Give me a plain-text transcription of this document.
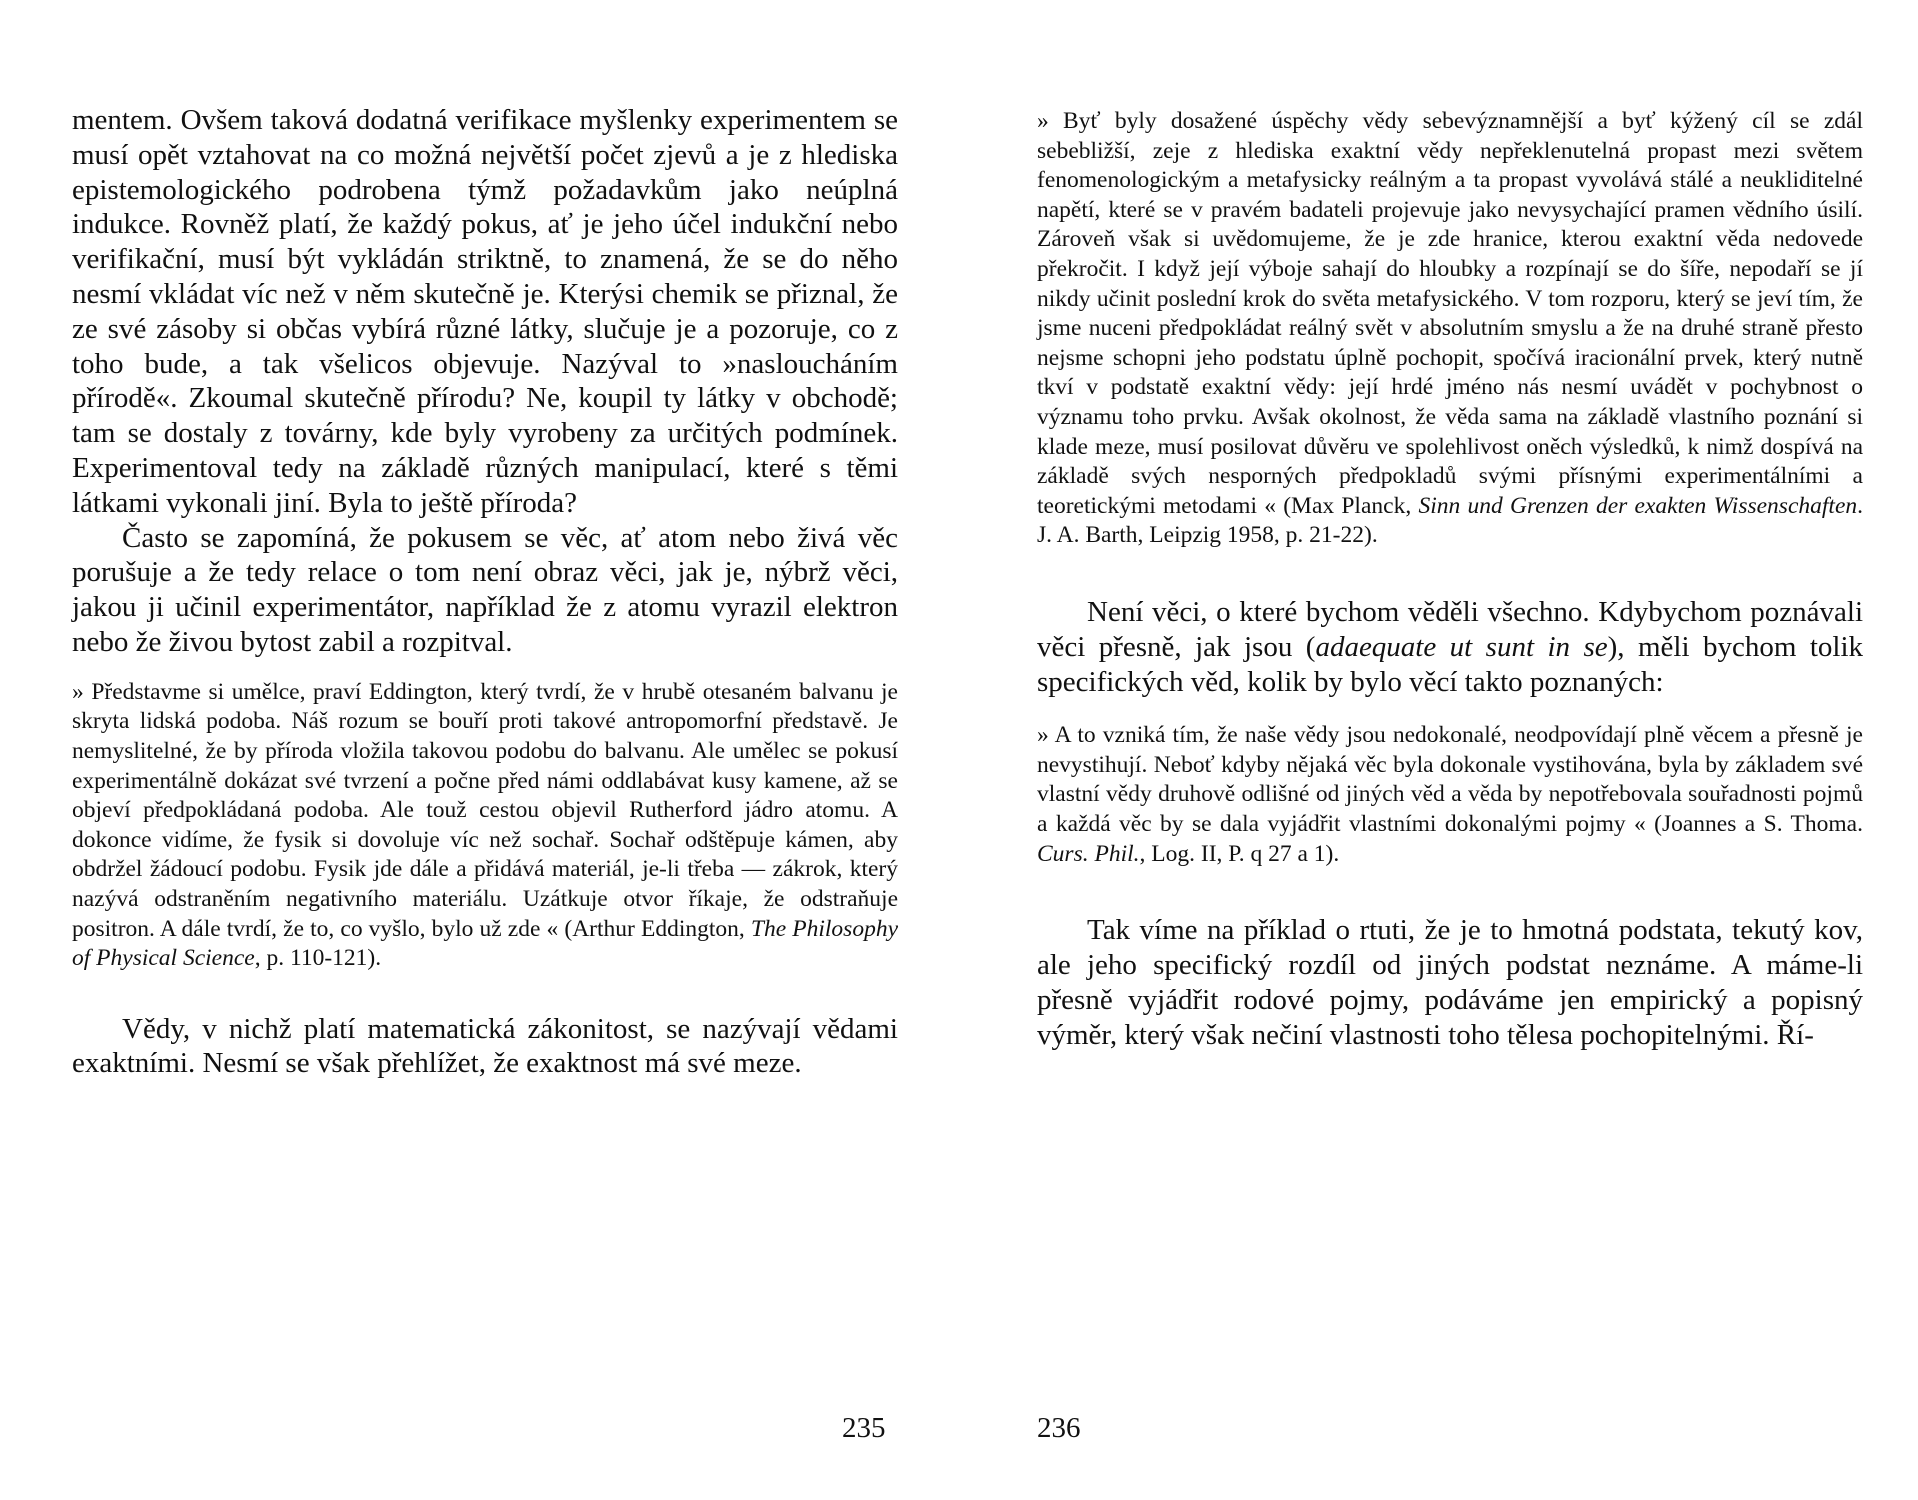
mentem. Ovšem taková dodatná verifikace myšlenky experimentem se musí opět vztahovat na co možná největší počet zjevů a je z hlediska epistemologického podrobena týmž požadavkům jako neúplná indukce. Rovněž platí, že každý pokus, ať je jeho účel indukční nebo verifikační, musí být vykládán striktně, to znamená, že se do něho nesmí vkládat víc než v něm skutečně je. Kterýsi chemik se přiznal, že ze své zásoby si občas vybírá různé látky, slučuje je a pozoruje, co z toho bude, a tak všelicos objevuje. Nazýval to »nasloucháním přírodě«. Zkoumal skutečně přírodu? Ne, koupil ty látky v obchodě; tam se dostaly z továrny, kde byly vyrobeny za určitých podmínek. Experimentoval tedy na základě různých manipulací, které s těmi látkami vykonali jiní. Byla to ještě příroda?

Často se zapomíná, že pokusem se věc, ať atom nebo živá věc porušuje a že tedy relace o tom není obraz věci, jak je, nýbrž věci, jakou ji učinil experimentátor, například že z atomu vyrazil elektron nebo že živou bytost zabil a rozpitval.

» Představme si umělce, praví Eddington, který tvrdí, že v hrubě otesaném balvanu je skryta lidská podoba. Náš rozum se bouří proti takové antropomorfní představě. Je nemyslitelné, že by příroda vložila takovou podobu do balvanu. Ale umělec se pokusí experimentálně dokázat své tvrzení a počne před námi oddlabávat kusy kamene, až se objeví předpokládaná podoba. Ale touž cestou objevil Rutherford jádro atomu. A dokonce vidíme, že fysik si dovoluje víc než sochař. Sochař odštěpuje kámen, aby obdržel žádoucí podobu. Fysik jde dále a přidává materiál, je-li třeba — zákrok, který nazývá odstraněním negativního materiálu. Uzátkuje otvor říkaje, že odstraňuje positron. A dále tvrdí, že to, co vyšlo, bylo už zde « (Arthur Eddington, The Philosophy of Physical Science, p. 110-121).

Vědy, v nichž platí matematická zákonitost, se nazývají vědami exaktními. Nesmí se však přehlížet, že exaktnost má své meze.

235

» Byť byly dosažené úspěchy vědy sebevýznamnější a byť kýžený cíl se zdál sebebližší, zeje z hlediska exaktní vědy nepřeklenutelná propast mezi světem fenomenologickým a metafysicky reálným a ta propast vyvolává stálé a neukliditelné napětí, které se v pravém badateli projevuje jako nevysychající pramen vědního úsilí. Zároveň však si uvědomujeme, že je zde hranice, kterou exaktní věda nedovede překročit. I když její výboje sahají do hloubky a rozpínají se do šíře, nepodaří se jí nikdy učinit poslední krok do světa metafysického. V tom rozporu, který se jeví tím, že jsme nuceni předpokládat reálný svět v absolutním smyslu a že na druhé straně přesto nejsme schopni jeho podstatu úplně pochopit, spočívá iracionální prvek, který nutně tkví v podstatě exaktní vědy: její hrdé jméno nás nesmí uvádět v pochybnost o významu toho prvku. Avšak okolnost, že věda sama na základě vlastního poznání si klade meze, musí posilovat důvěru ve spolehlivost oněch výsledků, k nimž dospívá na základě svých nesporných předpokladů svými přísnými experimentálními a teoretickými metodami « (Max Planck, Sinn und Grenzen der exakten Wissenschaften. J. A. Barth, Leipzig 1958, p. 21-22).

Není věci, o které bychom věděli všechno. Kdybychom poznávali věci přesně, jak jsou (adaequate ut sunt in se), měli bychom tolik specifických věd, kolik by bylo věcí takto poznaných:

» A to vzniká tím, že naše vědy jsou nedokonalé, neodpovídají plně věcem a přesně je nevystihují. Neboť kdyby nějaká věc byla dokonale vystihována, byla by základem své vlastní vědy druhově odlišné od jiných věd a věda by nepotřebovala souřadnosti pojmů a každá věc by se dala vyjádřit vlastními dokonalými pojmy « (Joannes a S. Thoma. Curs. Phil., Log. II, P. q 27 a 1).

Tak víme na příklad o rtuti, že je to hmotná podstata, tekutý kov, ale jeho specifický rozdíl od jiných podstat neznáme. A máme-li přesně vyjádřit rodové pojmy, podáváme jen empirický a popisný výměr, který však nečiní vlastnosti toho tělesa pochopitelnými. Ří-

236
